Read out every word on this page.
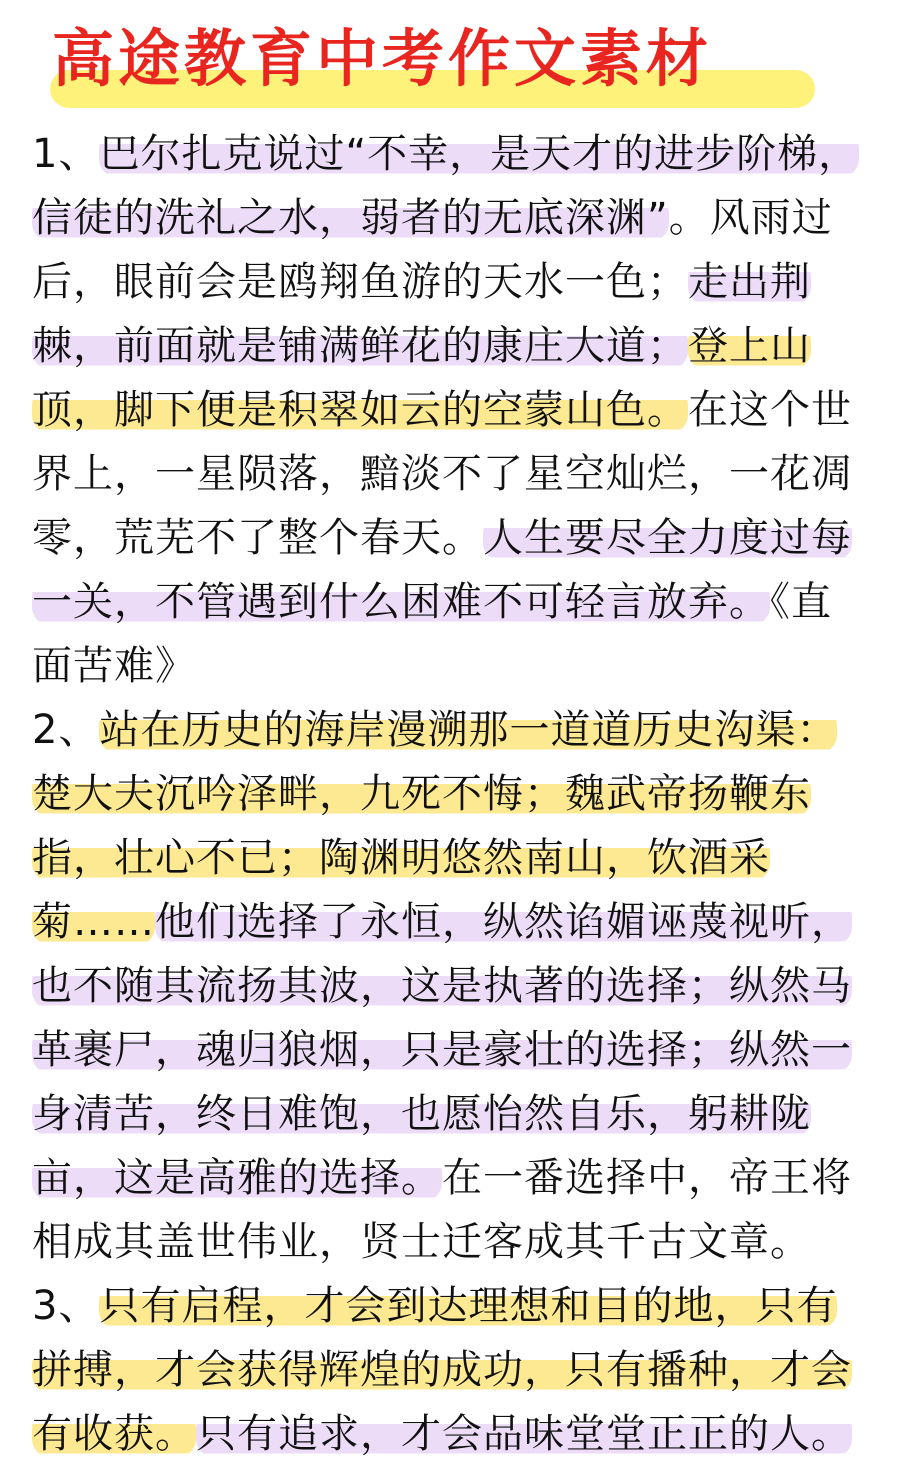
高途教育中考作文素材
1、巴尔扎克说过“不幸，是天才的进步阶梯，信徒的洗礼之水，弱者的无底深渊”。风雨过后，眼前会是鸥翔鱼游的天水一色；走出荆棘，前面就是铺满鲜花的康庄大道；登上山顶，脚下便是积翠如云的空蒙山色。在这个世界上，一星陨落，黯淡不了星空灿烂，一花凋零，荒芜不了整个春天。人生要尽全力度过每一关，不管遇到什么困难不可轻言放弃。《直面苦难》
2、站在历史的海岸漫溯那一道道历史沟渠：楚大夫沉吟泽畔，九死不悔；魏武帝扬鞭东指，壮心不已；陶渊明悠然南山，饮酒采菊……他们选择了永恒，纵然谄媚诬蔑视听，也不随其流扬其波，这是执著的选择；纵然马革裹尸，魂归狼烟，只是豪壮的选择；纵然一身清苦，终日难饱，也愿怡然自乐，躬耕陇亩，这是高雅的选择。在一番选择中，帝王将相成其盖世伟业，贤士迁客成其千古文章。
3、只有启程，才会到达理想和目的地，只有拼搏，才会获得辉煌的成功，只有播种，才会有收获。只有追求，才会品味堂堂正正的人。
